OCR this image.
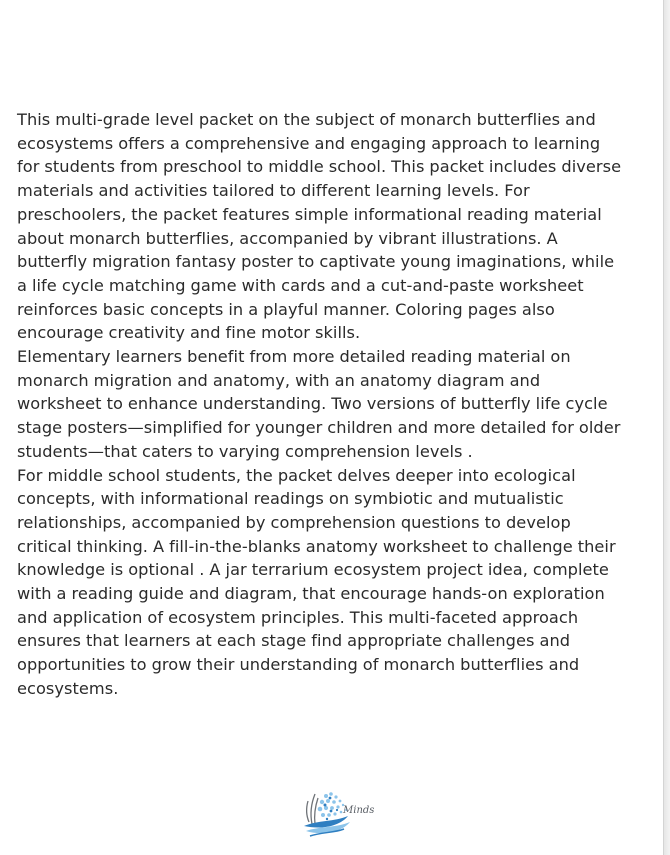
This multi-grade level packet on the subject of monarch butterflies and

ecosystems offers a comprehensive and engaging approach to learning

for students from preschool to middle school. This packet includes diverse

materials and activities tailored to different learning levels. For

preschoolers, the packet features simple informational reading material

about monarch butterflies, accompanied by vibrant illustrations. A

butterfly migration fantasy poster to captivate young imaginations, while

a life cycle matching game with cards and a cut-and-paste worksheet

reinforces basic concepts in a playful manner. Coloring pages also

encourage creativity and fine motor skills.

Elementary learners benefit from more detailed reading material on

monarch migration and anatomy, with an anatomy diagram and

worksheet to enhance understanding. Two versions of butterfly life cycle

stage posters—simplified for younger children and more detailed for older

students—that caters to varying comprehension levels .

For middle school students, the packet delves deeper into ecological

concepts, with informational readings on symbiotic and mutualistic

relationships, accompanied by comprehension questions to develop

critical thinking. A fill-in-the-blanks anatomy worksheet to challenge their

knowledge is optional . A jar terrarium ecosystem project idea, complete

with a reading guide and diagram, that encourage hands-on exploration

and application of ecosystem principles. This multi-faceted approach

ensures that learners at each stage find appropriate challenges and

opportunities to grow their understanding of monarch butterflies and

ecosystems.

Minds
